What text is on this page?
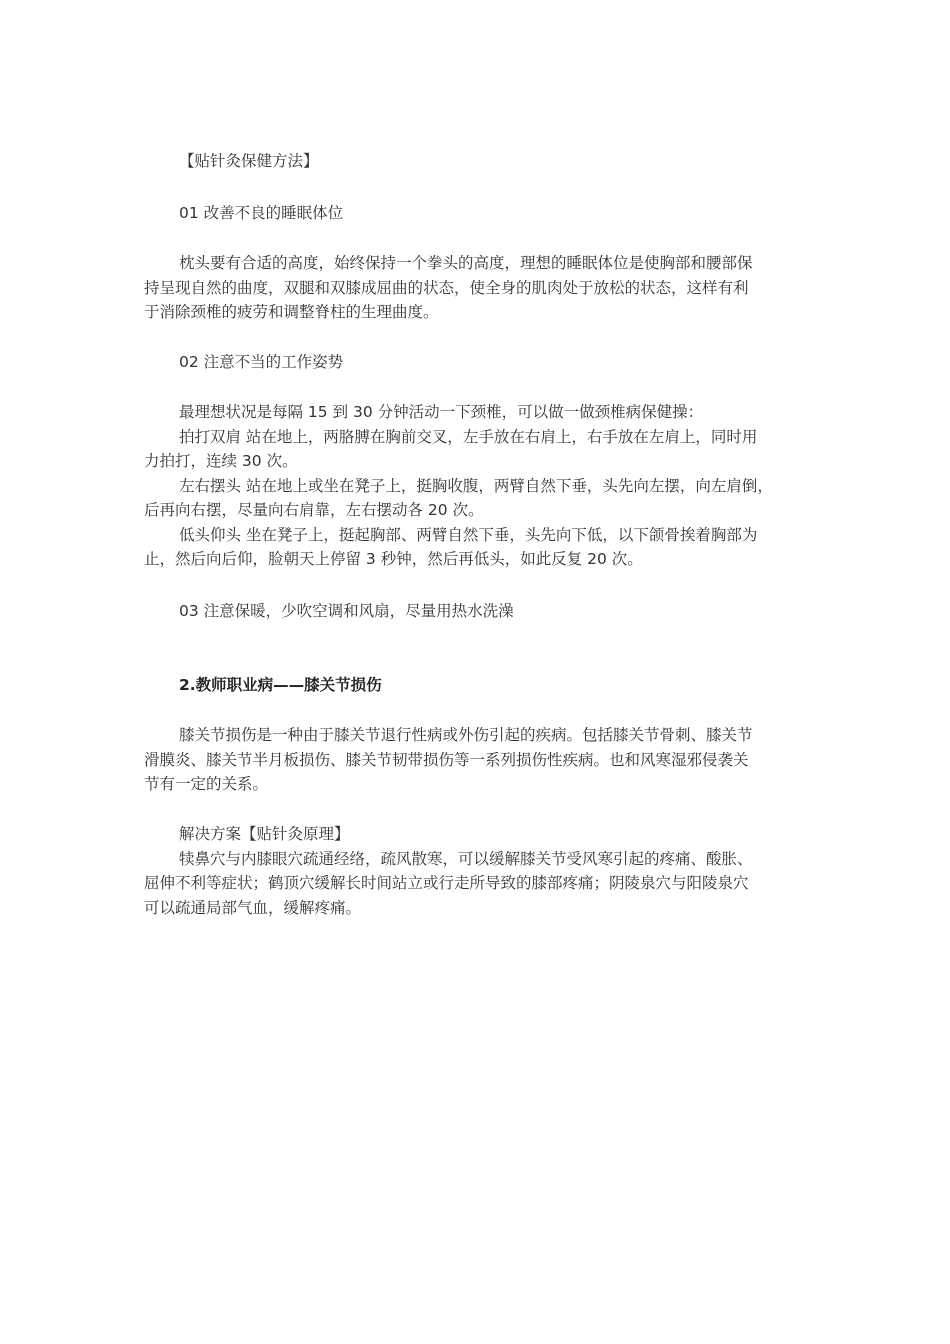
【贴针灸保健方法】

01 改善不良的睡眠体位

枕头要有合适的高度，始终保持一个拳头的高度，理想的睡眠体位是使胸部和腰部保
持呈现自然的曲度，双腿和双膝成屈曲的状态，使全身的肌肉处于放松的状态，这样有利
于消除颈椎的疲劳和调整脊柱的生理曲度。

02 注意不当的工作姿势

最理想状况是每隔 15 到 30 分钟活动一下颈椎，可以做一做颈椎病保健操：
拍打双肩 站在地上，两胳膊在胸前交叉，左手放在右肩上，右手放在左肩上，同时用
力拍打，连续 30 次。
左右摆头 站在地上或坐在凳子上，挺胸收腹，两臂自然下垂，头先向左摆，向左肩倒，
后再向右摆，尽量向右肩靠，左右摆动各 20 次。
低头仰头 坐在凳子上，挺起胸部、两臂自然下垂，头先向下低，以下颌骨挨着胸部为
止，然后向后仰，脸朝天上停留 3 秒钟，然后再低头，如此反复 20 次。

03 注意保暖，少吹空调和风扇，尽量用热水洗澡

2.教师职业病——膝关节损伤

膝关节损伤是一种由于膝关节退行性病或外伤引起的疾病。包括膝关节骨刺、膝关节
滑膜炎、膝关节半月板损伤、膝关节韧带损伤等一系列损伤性疾病。也和风寒湿邪侵袭关
节有一定的关系。

解决方案【贴针灸原理】
犊鼻穴与内膝眼穴疏通经络，疏风散寒，可以缓解膝关节受风寒引起的疼痛、酸胀、
屈伸不利等症状；鹤顶穴缓解长时间站立或行走所导致的膝部疼痛；阴陵泉穴与阳陵泉穴
可以疏通局部气血，缓解疼痛。
